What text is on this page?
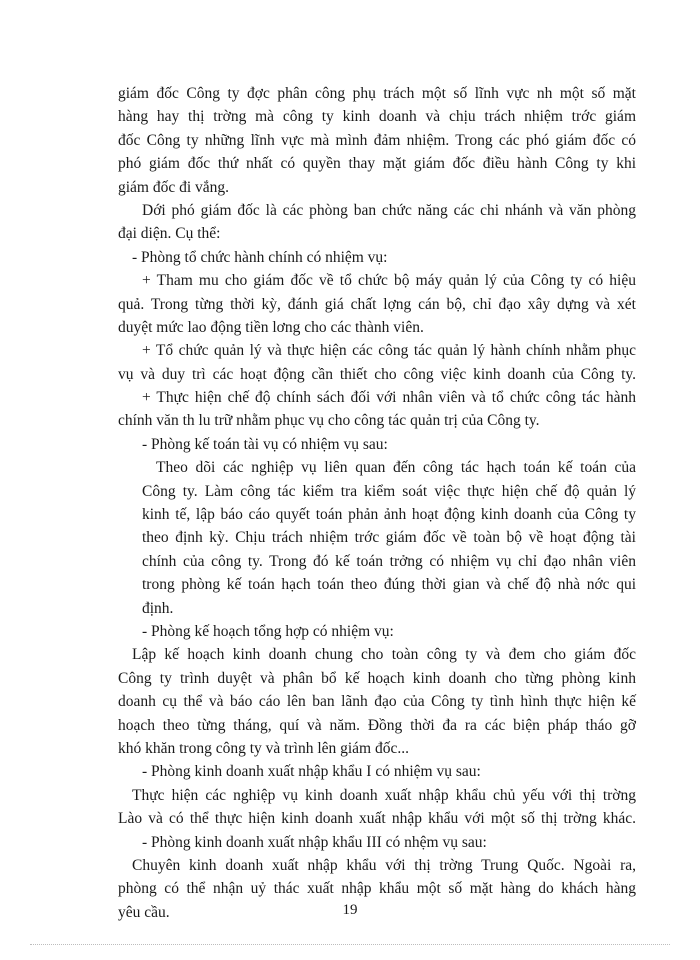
giám đốc Công ty đợc phân công phụ trách một số lĩnh vực nh một số mặt
hàng hay thị trờng mà công ty kinh doanh và chịu trách nhiệm trớc giám
đốc Công ty những lĩnh vực mà mình đảm nhiệm. Trong các phó giám đốc có
phó giám đốc thứ nhất có quyền thay mặt giám đốc điều hành Công ty khi
giám đốc đi vắng.
Dới phó giám đốc là các phòng ban chức năng các chi nhánh và văn phòng
đại diện. Cụ thể:
- Phòng tổ chức hành chính có nhiệm vụ:
+ Tham mu cho giám đốc về tổ chức bộ máy quản lý của Công ty có hiệu
quả. Trong từng thời kỳ, đánh giá chất lợng cán bộ, chỉ đạo xây dựng và xét
duyệt mức lao động tiền lơng cho các thành viên.
+ Tổ chức quản lý và thực hiện các công tác quản lý hành chính nhằm phục
vụ và duy trì các hoạt động cần thiết cho công việc kinh doanh của Công ty.
+ Thực hiện chế độ chính sách đối với nhân viên và tổ chức công tác hành
chính văn th lu trữ nhằm phục vụ cho công tác quản trị của Công ty.
- Phòng kế toán tài vụ có nhiệm vụ sau:
Theo dõi các nghiệp vụ liên quan đến công tác hạch toán kế toán của
Công ty. Làm công tác kiểm tra kiểm soát việc thực hiện chế độ quản lý
kinh tế, lập báo cáo quyết toán phản ảnh hoạt động kinh doanh của Công ty
theo định kỳ. Chịu trách nhiệm trớc giám đốc về toàn bộ về hoạt động tài
chính của công ty. Trong đó kế toán trởng có nhiệm vụ chỉ đạo nhân viên
trong phòng kế toán hạch toán theo đúng thời gian và chế độ nhà nớc qui
định.
- Phòng kế hoạch tổng hợp có nhiệm vụ:
Lập kế hoạch kinh doanh chung cho toàn công ty và đem cho giám đốc
Công ty trình duyệt và phân bổ kế hoạch kinh doanh cho từng phòng kinh
doanh cụ thể và báo cáo lên ban lãnh đạo của Công ty tình hình thực hiện kế
hoạch theo từng tháng, quí và năm. Đồng thời đa ra các biện pháp tháo gỡ
khó khăn trong công ty và trình lên giám đốc...
- Phòng kinh doanh xuất nhập khẩu I có nhiệm vụ sau:
Thực hiện các nghiệp vụ kinh doanh xuất nhập khẩu chủ yếu với thị trờng
Lào và có thể thực hiện kinh doanh xuất nhập khẩu với một số thị trờng khác.
- Phòng kinh doanh xuất nhập khẩu III có nhệm vụ sau:
Chuyên kinh doanh xuất nhập khẩu với thị trờng Trung Quốc. Ngoài ra,
phòng có thể nhận uỷ thác xuất nhập khẩu một số mặt hàng do khách hàng
yêu cầu.	19
